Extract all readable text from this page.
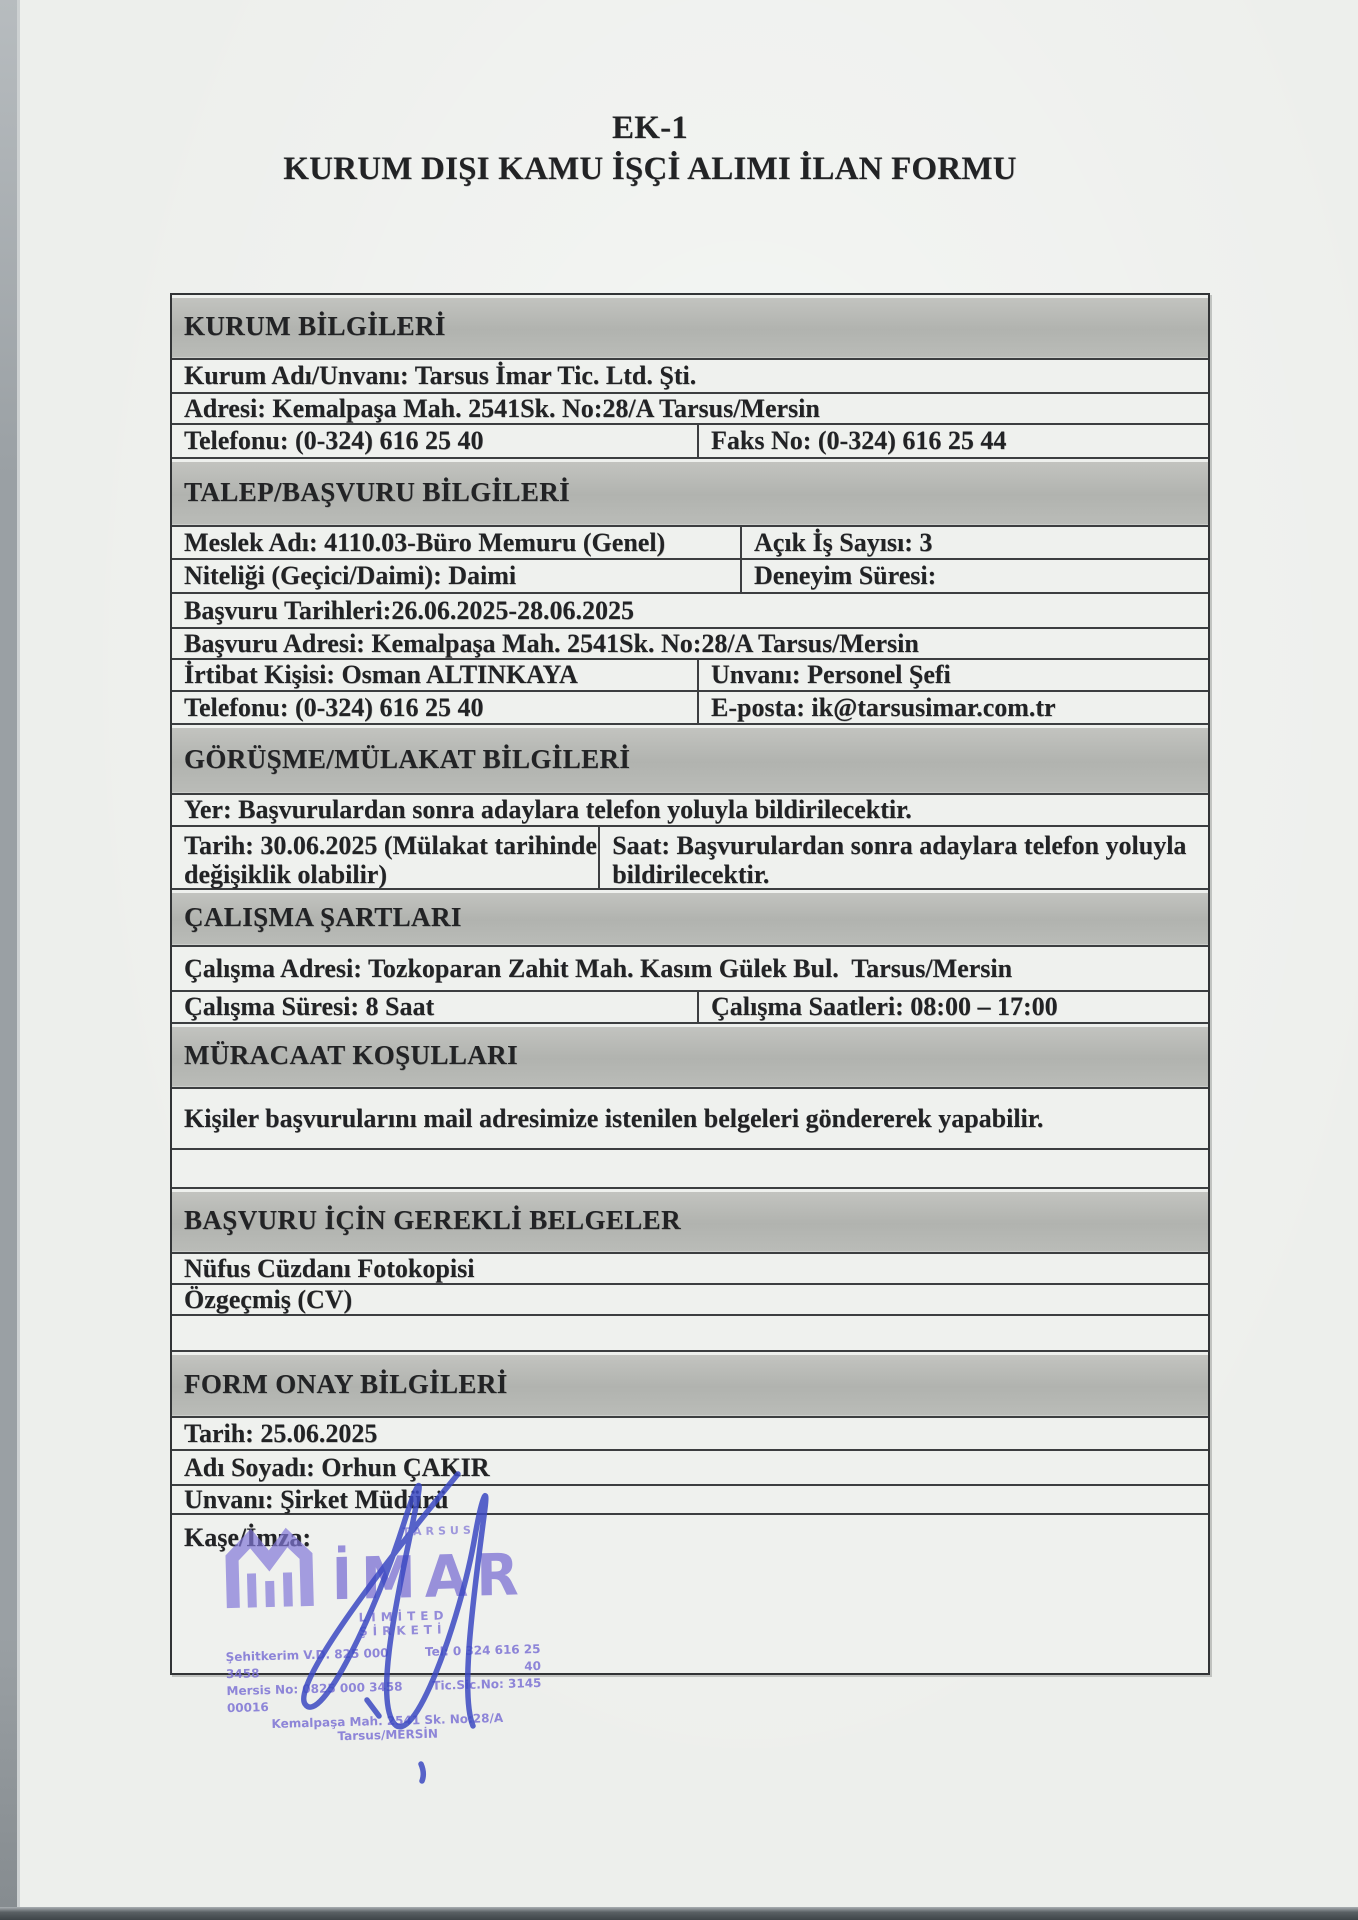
EK-1
KURUM DIŞI KAMU İŞÇİ ALIMI İLAN FORMU
KURUM BİLGİLERİ
Kurum Adı/Unvanı: Tarsus İmar Tic. Ltd. Şti.
Adresi: Kemalpaşa Mah. 2541Sk. No:28/A Tarsus/Mersin
Telefonu: (0-324) 616 25 40	Faks No: (0-324) 616 25 44
TALEP/BAŞVURU BİLGİLERİ
Meslek Adı: 4110.03-Büro Memuru (Genel)	Açık İş Sayısı: 3
Niteliği (Geçici/Daimi): Daimi	Deneyim Süresi:
Başvuru Tarihleri:26.06.2025-28.06.2025
Başvuru Adresi: Kemalpaşa Mah. 2541Sk. No:28/A Tarsus/Mersin
İrtibat Kişisi: Osman ALTINKAYA	Unvanı: Personel Şefi
Telefonu: (0-324) 616 25 40	E-posta: ik@tarsusimar.com.tr
GÖRÜŞME/MÜLAKAT BİLGİLERİ
Yer: Başvurulardan sonra adaylara telefon yoluyla bildirilecektir.
Tarih: 30.06.2025 (Mülakat tarihinde değişiklik olabilir)
Saat: Başvurulardan sonra adaylara telefon yoluyla bildirilecektir.
ÇALIŞMA ŞARTLARI
Çalışma Adresi: Tozkoparan Zahit Mah. Kasım Gülek Bul.  Tarsus/Mersin
Çalışma Süresi: 8 Saat	Çalışma Saatleri: 08:00 – 17:00
MÜRACAAT KOŞULLARI
Kişiler başvurularını mail adresimize istenilen belgeleri göndererek yapabilir.
BAŞVURU İÇİN GEREKLİ BELGELER
Nüfus Cüzdanı Fotokopisi
Özgeçmiş (CV)
FORM ONAY BİLGİLERİ
Tarih: 25.06.2025
Adı Soyadı: Orhun ÇAKIR
Unvanı: Şirket Müdürü
Kaşe/İmza:	TARSUS
İMAR
LİMİTED ŞİRKETİ
Şehitkerim V.D. 825 000 3458
Mersis No: 0825 000 3458 00016
Tel: 0 324 616 25 40
Tic.Sic.No: 3145
Kemalpaşa Mah. 2541 Sk. No:28/A Tarsus/MERSİN
